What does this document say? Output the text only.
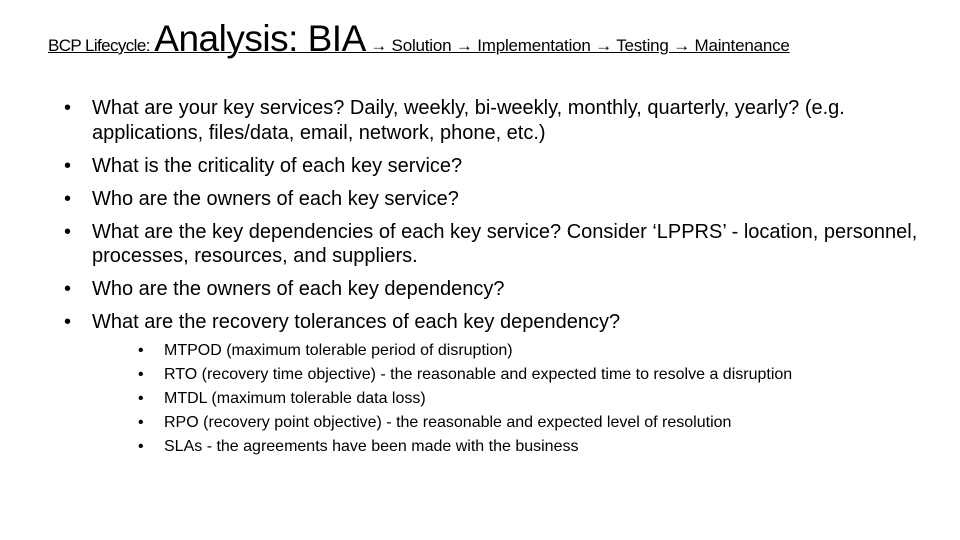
BCP Lifecycle: Analysis: BIA → Solution → Implementation → Testing → Maintenance
• What are your key services? Daily, weekly, bi-weekly, monthly, quarterly, yearly? (e.g. applications, files/data, email, network, phone, etc.)
• What is the criticality of each key service?
• Who are the owners of each key service?
• What are the key dependencies of each key service? Consider ‘LPPRS’ - location, personnel, processes, resources, and suppliers.
• Who are the owners of each key dependency?
• What are the recovery tolerances of each key dependency?
• MTPOD (maximum tolerable period of disruption)
• RTO (recovery time objective) - the reasonable and expected time to resolve a disruption
• MTDL (maximum tolerable data loss)
• RPO (recovery point objective) - the reasonable and expected level of resolution
• SLAs - the agreements have been made with the business
